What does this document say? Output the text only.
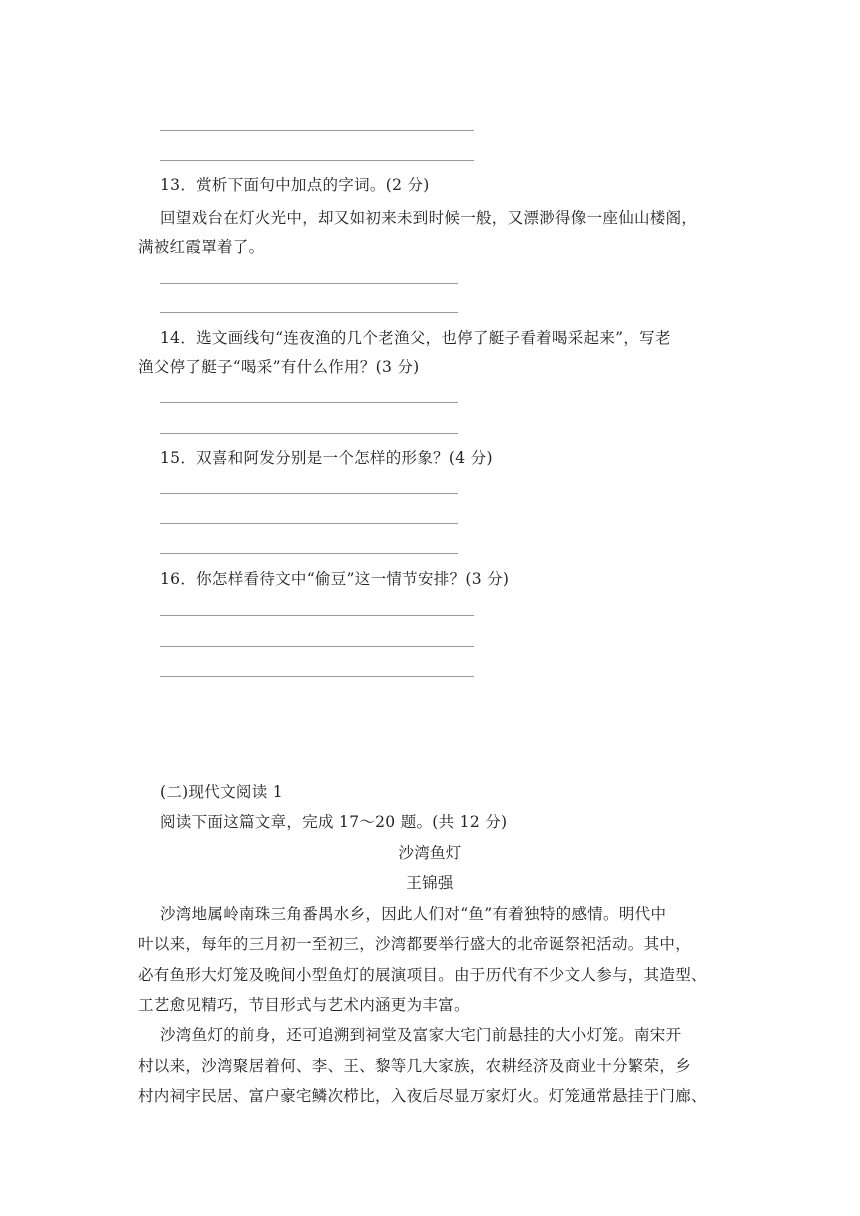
13．赏析下面句中加点的字词。(2 分)
回望戏台在灯火光中，却又如初来未到时候一般，又漂渺得像一座仙山楼阁，
满被红霞罩着了。
14．选文画线句“连夜渔的几个老渔父，也停了艇子看着喝采起来”，写老
渔父停了艇子“喝采”有什么作用？(3 分)
15．双喜和阿发分别是一个怎样的形象？(4 分)
16．你怎样看待文中“偷豆”这一情节安排？(3 分)
(二)现代文阅读 1
阅读下面这篇文章，完成 17～20 题。(共 12 分)
沙湾鱼灯
王锦强
沙湾地属岭南珠三角番禺水乡，因此人们对“鱼”有着独特的感情。明代中
叶以来，每年的三月初一至初三，沙湾都要举行盛大的北帝诞祭祀活动。其中，
必有鱼形大灯笼及晚间小型鱼灯的展演项目。由于历代有不少文人参与，其造型、
工艺愈见精巧，节目形式与艺术内涵更为丰富。
沙湾鱼灯的前身，还可追溯到祠堂及富家大宅门前悬挂的大小灯笼。南宋开
村以来，沙湾聚居着何、李、王、黎等几大家族，农耕经济及商业十分繁荣，乡
村内祠宇民居、富户豪宅鳞次栉比，入夜后尽显万家灯火。灯笼通常悬挂于门廊、
